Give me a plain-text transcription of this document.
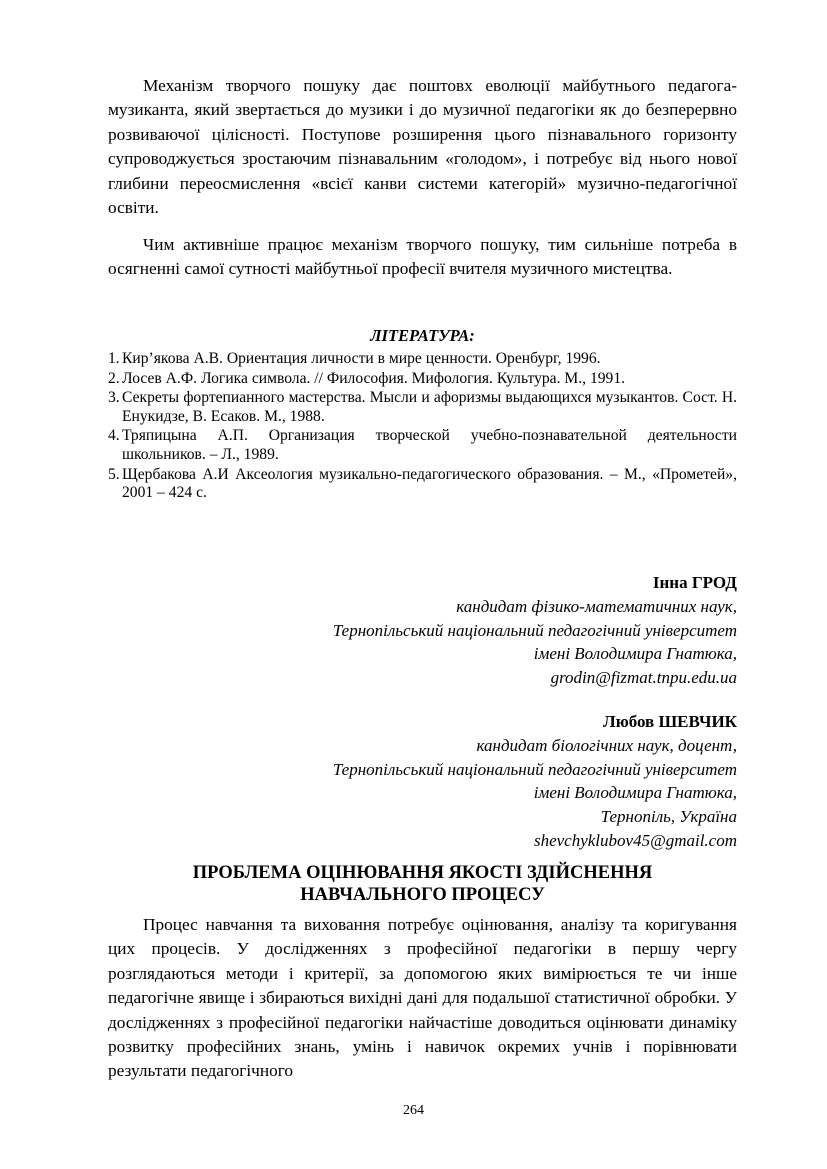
Механізм творчого пошуку дає поштовх еволюції майбутнього педагога-музиканта, який звертається до музики і до музичної педагогіки як до безперервно розвиваючої цілісності. Поступове розширення цього пізнавального горизонту супроводжується зростаючим пізнавальним «голодом», і потребує від нього нової глибини переосмислення «всієї канви системи категорій» музично-педагогічної освіти.

Чим активніше працює механізм творчого пошуку, тим сильніше потреба в осягненні самої сутності майбутньої професії вчителя музичного мистецтва.

ЛІТЕРАТУРА:

1. Кир’якова А.В. Ориентация личности в мире ценности. Оренбург, 1996.
2. Лосев А.Ф. Логика символа. // Философия. Мифология. Культура. М., 1991.
3. Секреты фортепианного мастерства. Мысли и афоризмы выдающихся музыкантов. Сост. Н. Енукидзе, В. Есаков. М., 1988.
4. Тряпицына А.П. Организация творческой учебно-познавательной деятельности школьников. – Л., 1989.
5. Щербакова А.И Аксеология музикально-педагогического образования. – М., «Прометей», 2001 – 424 с.
Інна ГРОД
кандидат фізико-математичних наук,
Тернопільський національний педагогічний університет
імені Володимира Гнатюка,
grodin@fizmat.tnpu.edu.ua
Любов ШЕВЧИК
кандидат біологічних наук, доцент,
Тернопільський національний педагогічний університет
імені Володимира Гнатюка,
Тернопіль, Україна
shevchyklubov45@gmail.com
ПРОБЛЕМА ОЦІНЮВАННЯ ЯКОСТІ ЗДІЙСНЕННЯ
НАВЧАЛЬНОГО ПРОЦЕСУ

Процес навчання та виховання потребує оцінювання, аналізу та коригування цих процесів. У дослідженнях з професійної педагогіки в першу чергу розглядаються методи і критерії, за допомогою яких вимірюється те чи інше педагогічне явище і збираються вихідні дані для подальшої статистичної обробки. У дослідженнях з професійної педагогіки найчастіше доводиться оцінювати динаміку розвитку професійних знань, умінь і навичок окремих учнів і порівнювати результати педагогічного

264
